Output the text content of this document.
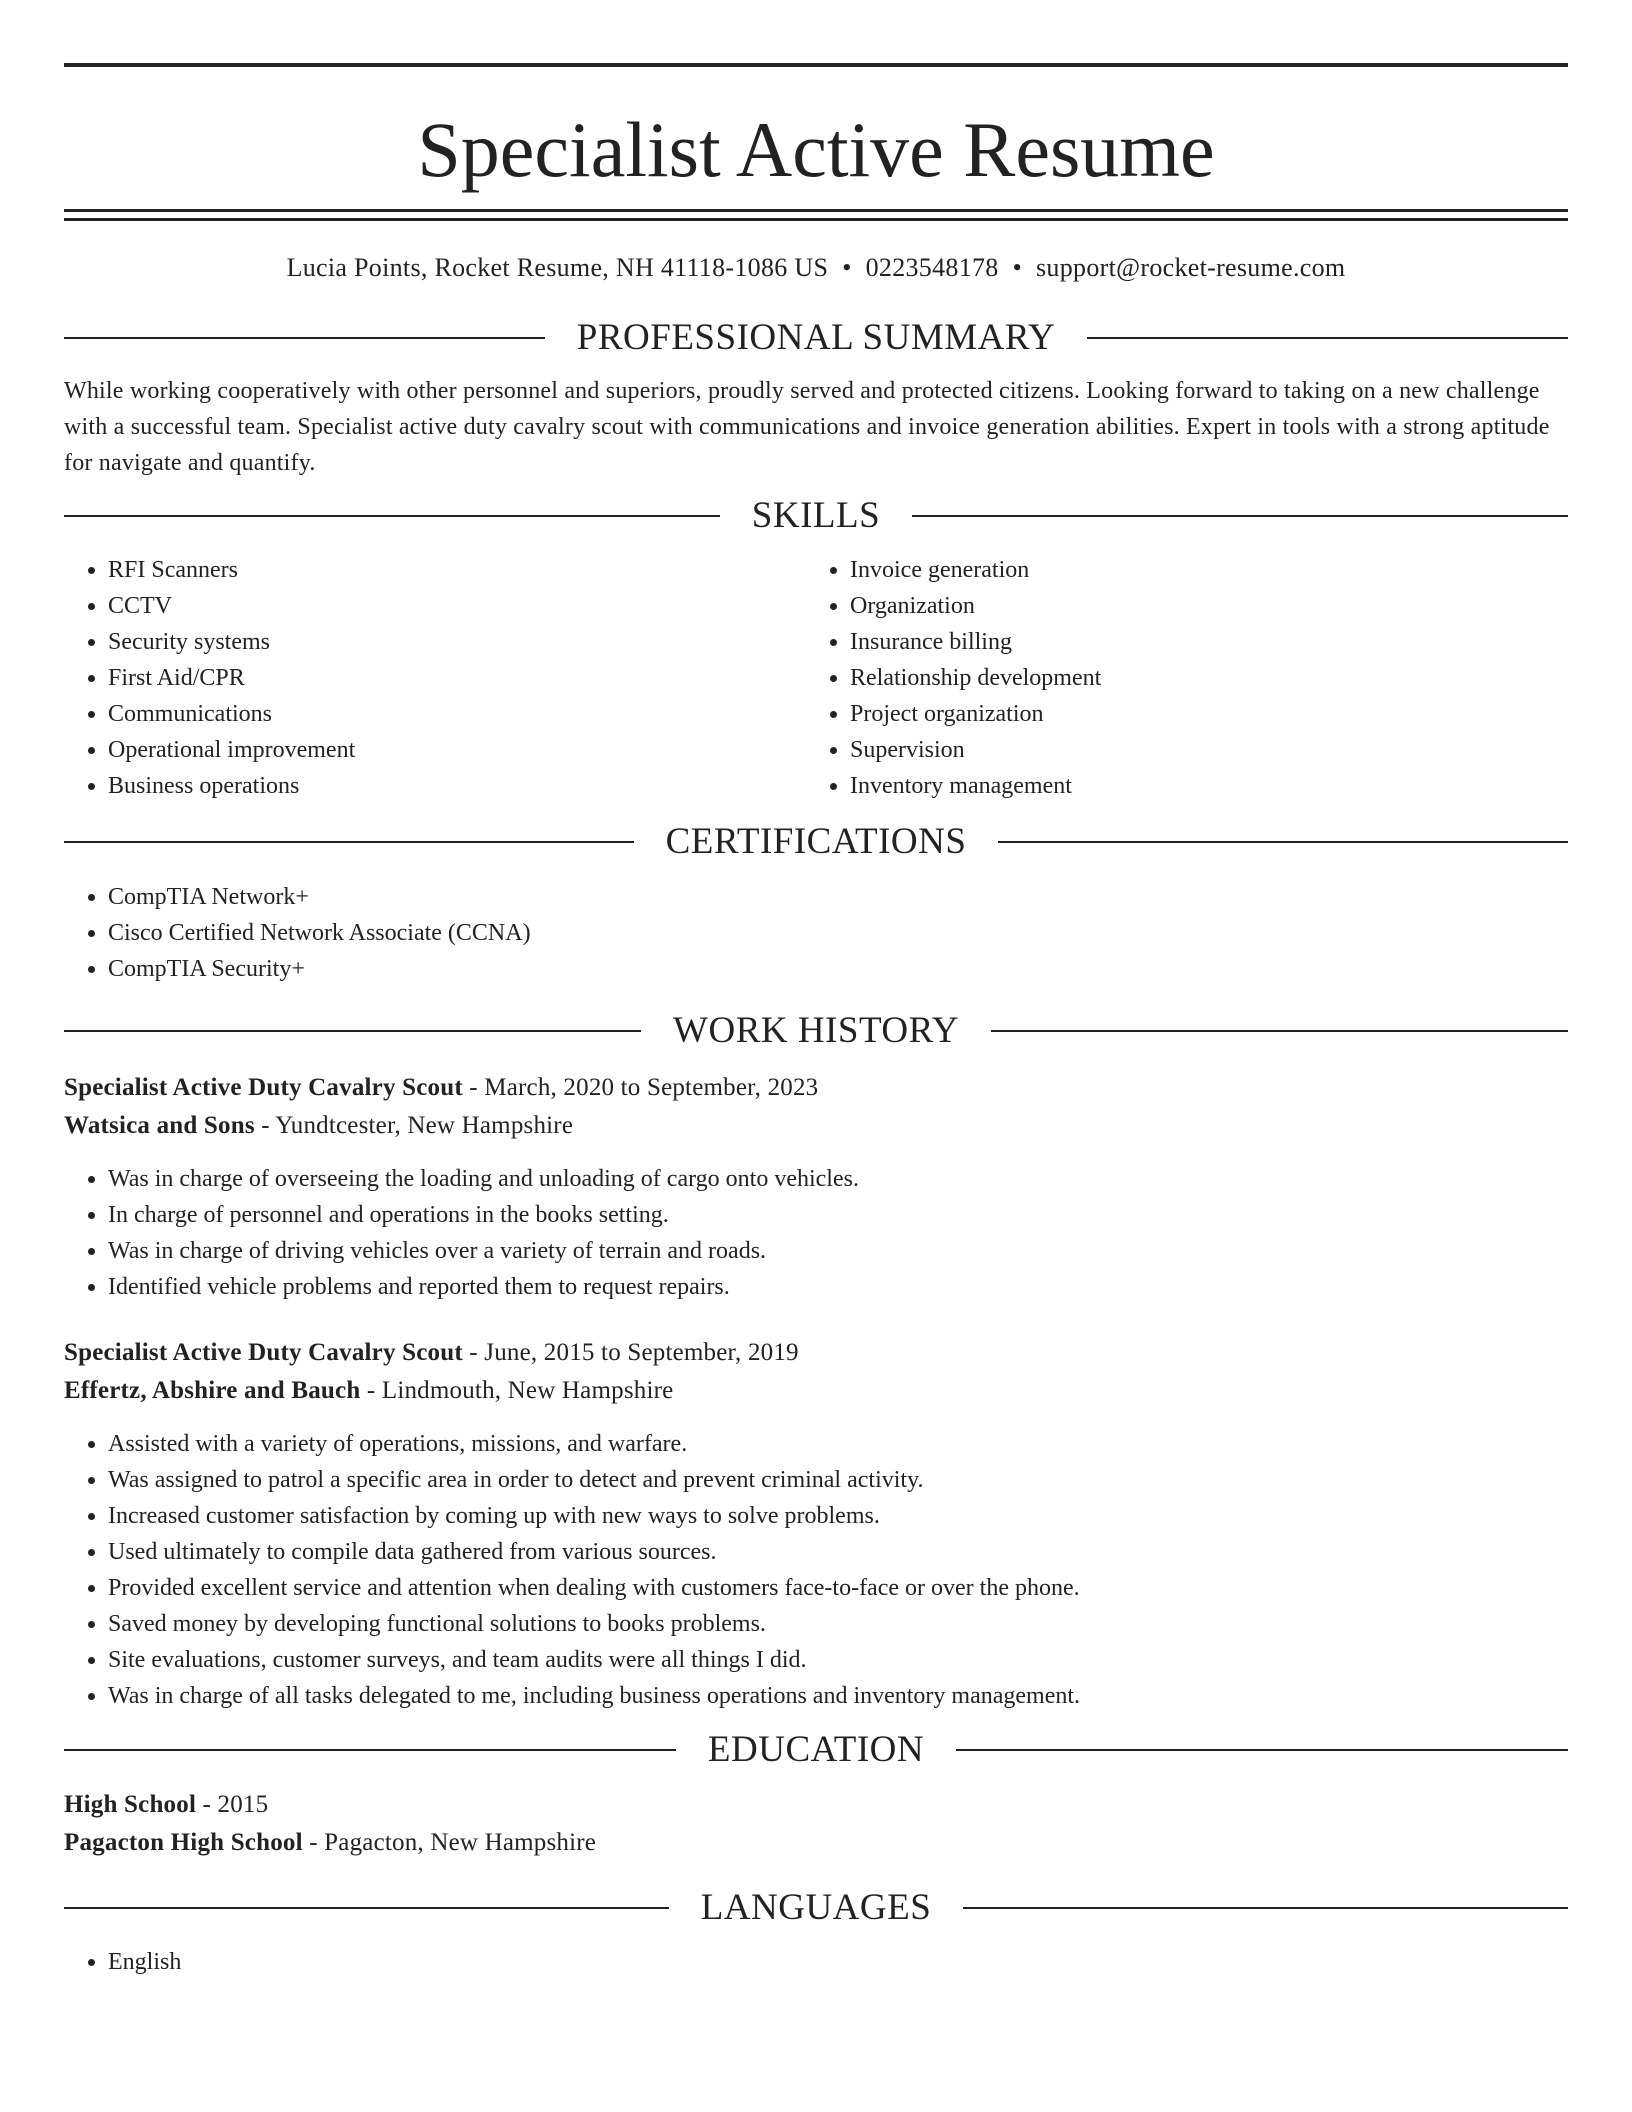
Specialist Active Resume
Lucia Points, Rocket Resume, NH 41118-1086 US • 0223548178 • support@rocket-resume.com
PROFESSIONAL SUMMARY

While working cooperatively with other personnel and superiors, proudly served and protected citizens. Looking forward to taking on a new challenge with a successful team. Specialist active duty cavalry scout with communications and invoice generation abilities. Expert in tools with a strong aptitude for navigate and quantify.

SKILLS
• RFI Scanners
• CCTV
• Security systems
• First Aid/CPR
• Communications
• Operational improvement
• Business operations
• Invoice generation
• Organization
• Insurance billing
• Relationship development
• Project organization
• Supervision
• Inventory management
CERTIFICATIONS
• CompTIA Network+
• Cisco Certified Network Associate (CCNA)
• CompTIA Security+
WORK HISTORY
Specialist Active Duty Cavalry Scout - March, 2020 to September, 2023
Watsica and Sons - Yundtcester, New Hampshire
• Was in charge of overseeing the loading and unloading of cargo onto vehicles.
• In charge of personnel and operations in the books setting.
• Was in charge of driving vehicles over a variety of terrain and roads.
• Identified vehicle problems and reported them to request repairs.
Specialist Active Duty Cavalry Scout - June, 2015 to September, 2019
Effertz, Abshire and Bauch - Lindmouth, New Hampshire
• Assisted with a variety of operations, missions, and warfare.
• Was assigned to patrol a specific area in order to detect and prevent criminal activity.
• Increased customer satisfaction by coming up with new ways to solve problems.
• Used ultimately to compile data gathered from various sources.
• Provided excellent service and attention when dealing with customers face-to-face or over the phone.
• Saved money by developing functional solutions to books problems.
• Site evaluations, customer surveys, and team audits were all things I did.
• Was in charge of all tasks delegated to me, including business operations and inventory management.
EDUCATION
High School - 2015
Pagacton High School - Pagacton, New Hampshire
LANGUAGES
• English
